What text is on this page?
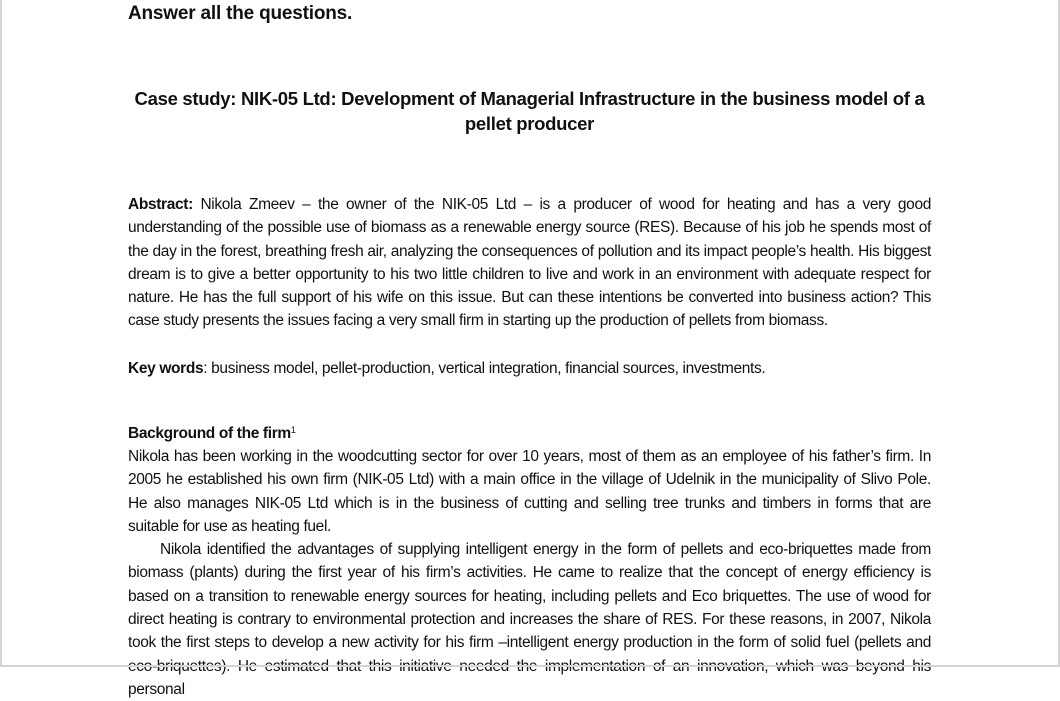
Answer all the questions.
Case study: NIK-05 Ltd: Development of Managerial Infrastructure in the business model of a pellet producer

Abstract: Nikola Zmeev – the owner of the NIK-05 Ltd – is a producer of wood for heating and has a very good understanding of the possible use of biomass as a renewable energy source (RES). Because of his job he spends most of the day in the forest, breathing fresh air, analyzing the consequences of pollution and its impact people’s health. His biggest dream is to give a better opportunity to his two little children to live and work in an environment with adequate respect for nature. He has the full support of his wife on this issue. But can these intentions be converted into business action? This case study presents the issues facing a very small firm in starting up the production of pellets from biomass.

Key words: business model, pellet-production, vertical integration, financial sources, investments.

Background of the firm$^1$

Nikola has been working in the woodcutting sector for over 10 years, most of them as an employee of his father’s firm. In 2005 he established his own firm (NIK-05 Ltd) with a main office in the village of Udelnik in the municipality of Slivo Pole. He also manages NIK-05 Ltd which is in the business of cutting and selling tree trunks and timbers in forms that are suitable for use as heating fuel.

Nikola identified the advantages of supplying intelligent energy in the form of pellets and eco-briquettes made from biomass (plants) during the first year of his firm’s activities. He came to realize that the concept of energy efficiency is based on a transition to renewable energy sources for heating, including pellets and Eco briquettes. The use of wood for direct heating is contrary to environmental protection and increases the share of RES. For these reasons, in 2007, Nikola took the first steps to develop a new activity for his firm –intelligent energy production in the form of solid fuel (pellets and personal
